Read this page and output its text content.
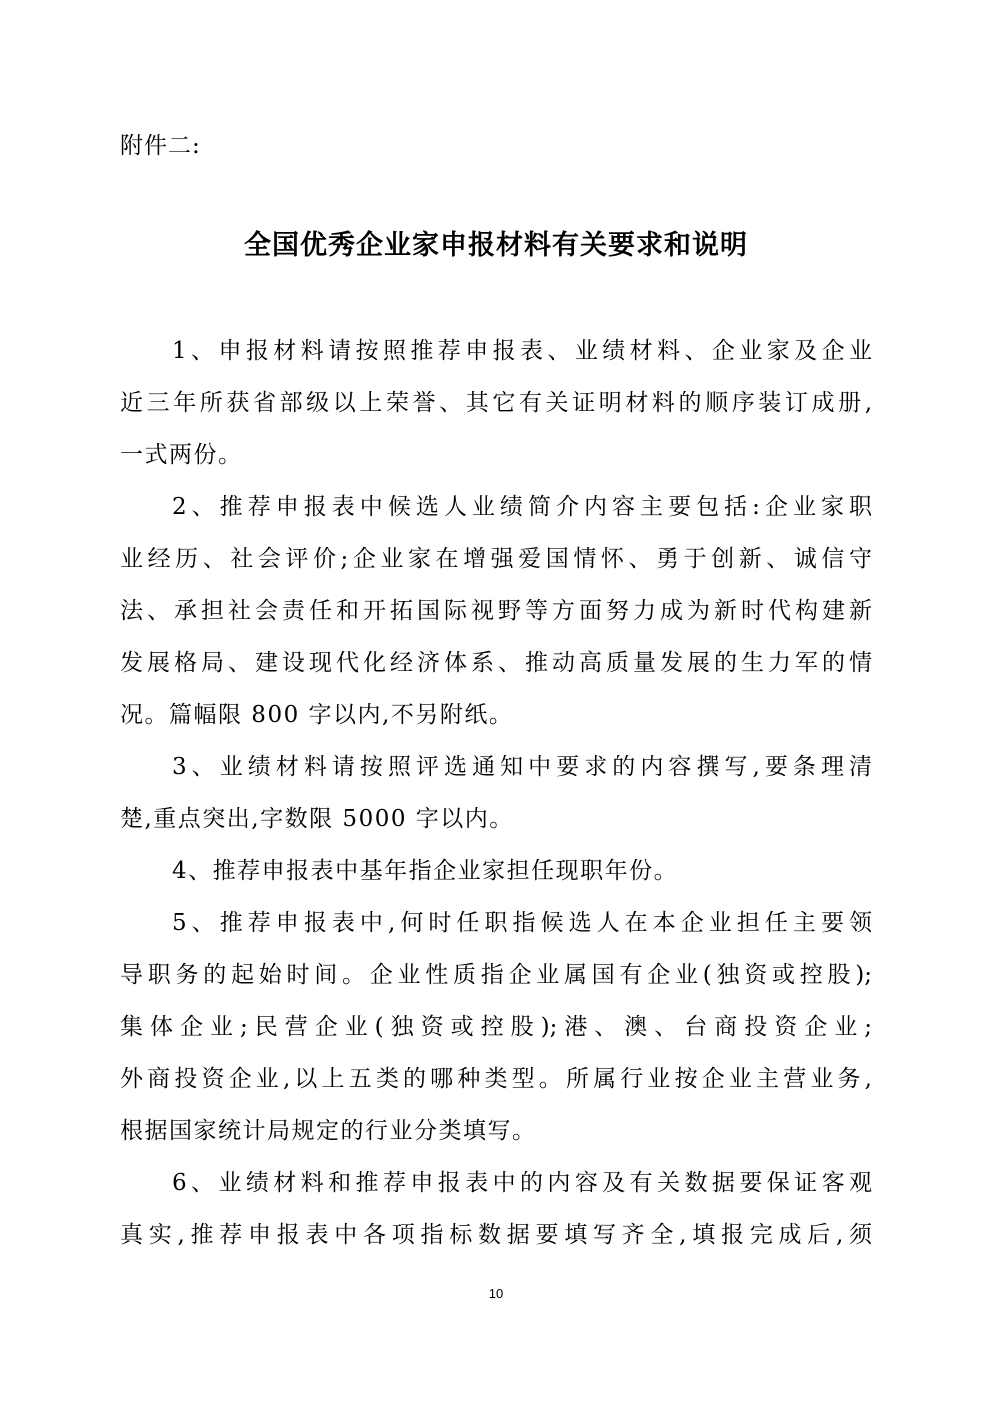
附件二:
全国优秀企业家申报材料有关要求和说明
1、申报材料请按照推荐申报表、业绩材料、企业家及企业
近三年所获省部级以上荣誉、其它有关证明材料的顺序装订成册,
一式两份。
2、推荐申报表中候选人业绩简介内容主要包括:企业家职
业经历、社会评价;企业家在增强爱国情怀、勇于创新、诚信守
法、承担社会责任和开拓国际视野等方面努力成为新时代构建新
发展格局、建设现代化经济体系、推动高质量发展的生力军的情
况。篇幅限 800 字以内,不另附纸。
3、业绩材料请按照评选通知中要求的内容撰写,要条理清
楚,重点突出,字数限 5000 字以内。
4、推荐申报表中基年指企业家担任现职年份。
5、推荐申报表中,何时任职指候选人在本企业担任主要领
导职务的起始时间。企业性质指企业属国有企业(独资或控股);
集体企业;民营企业(独资或控股);港、澳、台商投资企业;
外商投资企业,以上五类的哪种类型。所属行业按企业主营业务,
根据国家统计局规定的行业分类填写。
6、业绩材料和推荐申报表中的内容及有关数据要保证客观
真实,推荐申报表中各项指标数据要填写齐全,填报完成后,须
10
